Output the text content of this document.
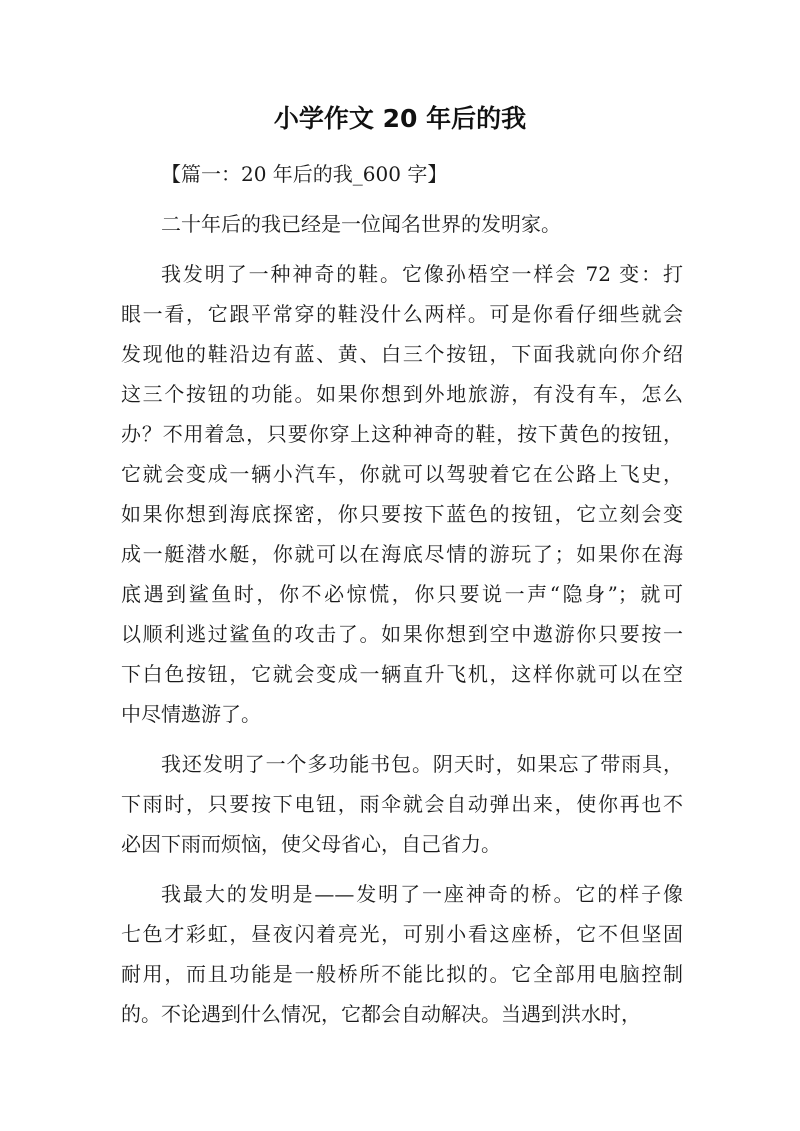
小学作文 20 年后的我
【篇一：20 年后的我_600 字】
二十年后的我已经是一位闻名世界的发明家。
我发明了一种神奇的鞋。它像孙梧空一样会 72 变：打
眼一看，它跟平常穿的鞋没什么两样。可是你看仔细些就会
发现他的鞋沿边有蓝、黄、白三个按钮，下面我就向你介绍
这三个按钮的功能。如果你想到外地旅游，有没有车，怎么
办？不用着急，只要你穿上这种神奇的鞋，按下黄色的按钮，
它就会变成一辆小汽车，你就可以驾驶着它在公路上飞史，
如果你想到海底探密，你只要按下蓝色的按钮，它立刻会变
成一艇潜水艇，你就可以在海底尽情的游玩了；如果你在海
底遇到鲨鱼时，你不必惊慌，你只要说一声“隐身”；就可
以顺利逃过鲨鱼的攻击了。如果你想到空中遨游你只要按一
下白色按钮，它就会变成一辆直升飞机，这样你就可以在空
中尽情遨游了。
我还发明了一个多功能书包。阴天时，如果忘了带雨具，
下雨时，只要按下电钮，雨伞就会自动弹出来，使你再也不
必因下雨而烦恼，使父母省心，自己省力。
我最大的发明是——发明了一座神奇的桥。它的样子像
七色才彩虹，昼夜闪着亮光，可别小看这座桥，它不但坚固
耐用，而且功能是一般桥所不能比拟的。它全部用电脑控制
的。不论遇到什么情况，它都会自动解决。当遇到洪水时，
